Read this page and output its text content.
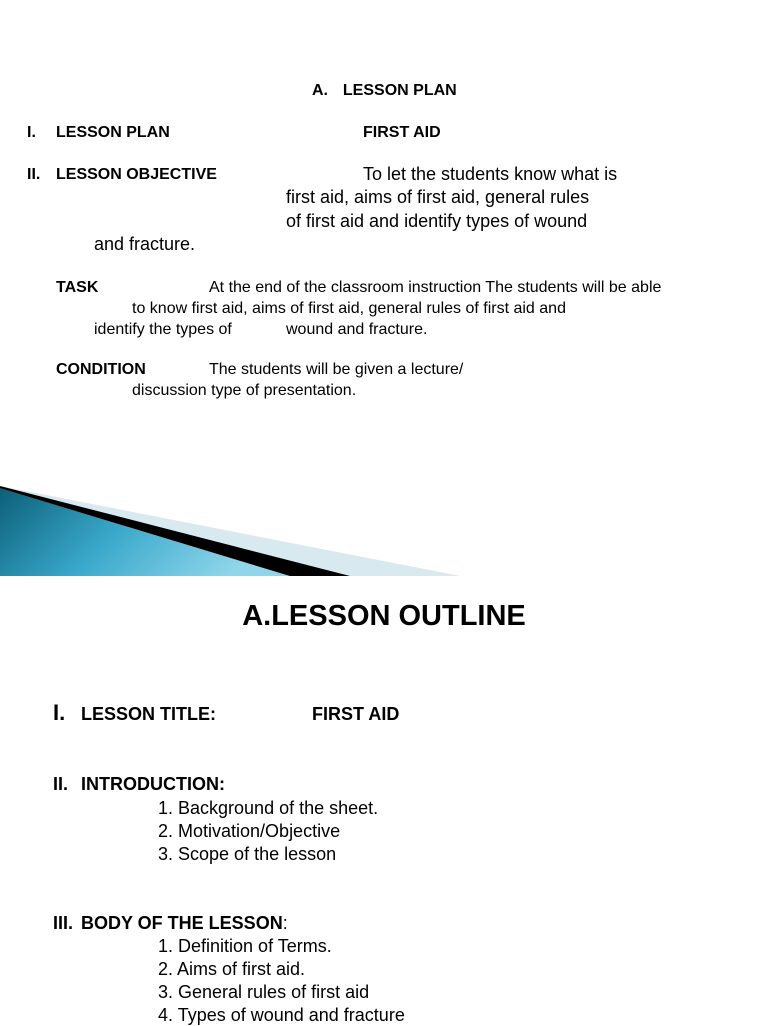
A. LESSON PLAN
I. LESSON PLAN	FIRST AID
II. LESSON OBJECTIVE	To let the students know what is
first aid, aims of first aid, general rules
of first aid and identify types of wound
and fracture.
TASK	At the end of the classroom instruction The students will be able
to know first aid, aims of first aid, general rules of first aid and
identify the types of	wound and fracture.
CONDITION	The students will be given a lecture/
discussion type of presentation.
A.LESSON OUTLINE
I. LESSON TITLE:	FIRST AID
II. INTRODUCTION:
1. Background of the sheet.
2. Motivation/Objective
3. Scope of the lesson
III. BODY OF THE LESSON:
1. Definition of Terms.
2. Aims of first aid.
3. General rules of first aid
4. Types of wound and fracture
